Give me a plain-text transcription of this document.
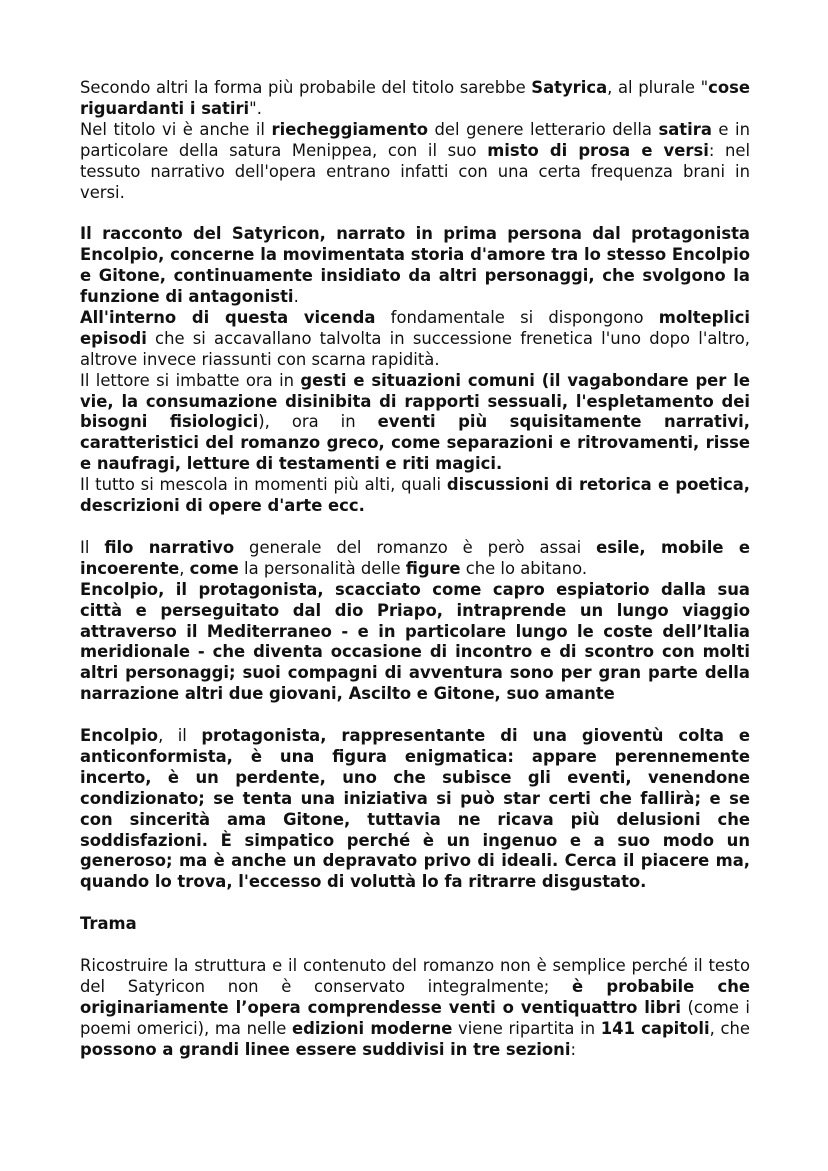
Secondo altri la forma più probabile del titolo sarebbe Satyrica, al plurale "cose riguardanti i satiri".

Nel titolo vi è anche il riecheggiamento del genere letterario della satira e in particolare della satura Menippea, con il suo misto di prosa e versi: nel tessuto narrativo dell'opera entrano infatti con una certa frequenza brani in versi.

Il racconto del Satyricon, narrato in prima persona dal protagonista Encolpio, concerne la movimentata storia d'amore tra lo stesso Encolpio e Gitone, continuamente insidiato da altri personaggi, che svolgono la funzione di antagonisti.

All'interno di questa vicenda fondamentale si dispongono molteplici episodi che si accavallano talvolta in successione frenetica l'uno dopo l'altro, altrove invece riassunti con scarna rapidità.

Il lettore si imbatte ora in gesti e situazioni comuni (il vagabondare per le vie, la consumazione disinibita di rapporti sessuali, l'espletamento dei bisogni fisiologici), ora in eventi più squisitamente narrativi, caratteristici del romanzo greco, come separazioni e ritrovamenti, risse e naufragi, letture di testamenti e riti magici.

Il tutto si mescola in momenti più alti, quali discussioni di retorica e poetica, descrizioni di opere d'arte ecc.

Il filo narrativo generale del romanzo è però assai esile, mobile e incoerente, come la personalità delle figure che lo abitano.

Encolpio, il protagonista, scacciato come capro espiatorio dalla sua città e perseguitato dal dio Priapo, intraprende un lungo viaggio attraverso il Mediterraneo - e in particolare lungo le coste dell’Italia meridionale - che diventa occasione di incontro e di scontro con molti altri personaggi; suoi compagni di avventura sono per gran parte della narrazione altri due giovani, Ascilto e Gitone, suo amante

Encolpio, il protagonista, rappresentante di una gioventù colta e anticonformista, è una figura enigmatica: appare perennemente incerto, è un perdente, uno che subisce gli eventi, venendone condizionato; se tenta una iniziativa si può star certi che fallirà; e se con sincerità ama Gitone, tuttavia ne ricava più delusioni che soddisfazioni. È simpatico perché è un ingenuo e a suo modo un generoso; ma è anche un depravato privo di ideali. Cerca il piacere ma, quando lo trova, l'eccesso di voluttà lo fa ritrarre disgustato.

Trama

Ricostruire la struttura e il contenuto del romanzo non è semplice perché il testo del Satyricon non è conservato integralmente; è probabile che originariamente l’opera comprendesse venti o ventiquattro libri (come i poemi omerici), ma nelle edizioni moderne viene ripartita in 141 capitoli, che possono a grandi linee essere suddivisi in tre sezioni:
